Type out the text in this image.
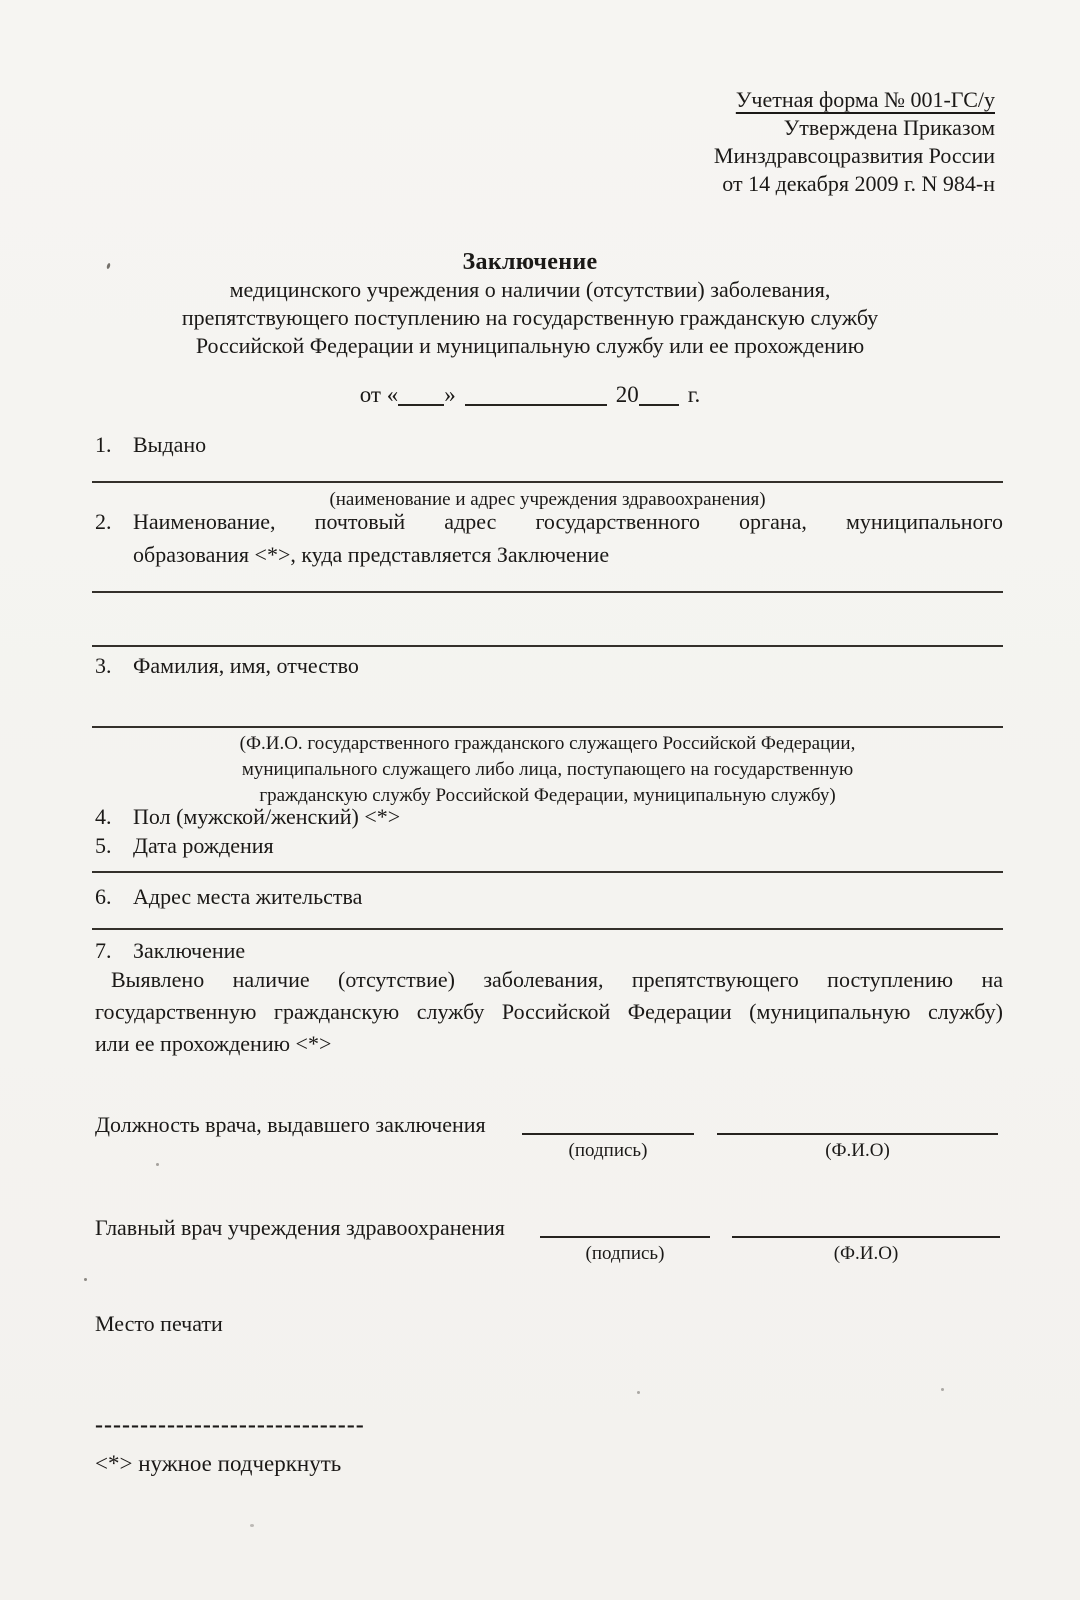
Учетная форма № 001-ГС/у
Утверждена Приказом
Минздравсоцразвития России
от 14 декабря 2009 г. N 984-н
Заключение
медицинского учреждения о наличии (отсутствии) заболевания,
препятствующего поступлению на государственную гражданскую службу
Российской Федерации и муниципальную службу или ее прохождению
от « »	20 г.
1. Выдано
(наименование и адрес учреждения здравоохранения)
2. Наименование, почтовый адрес государственного органа, муниципального
образования <*>, куда представляется Заключение
3. Фамилия, имя, отчество
(Ф.И.О. государственного гражданского служащего Российской Федерации,
муниципального служащего либо лица, поступающего на государственную
гражданскую службу Российской Федерации, муниципальную службу)
4. Пол (мужской/женский) <*>
5. Дата рождения
6. Адрес места жительства
7. Заключение
Выявлено наличие (отсутствие) заболевания, препятствующего поступлению на
государственную гражданскую службу Российской Федерации (муниципальную службу)
или ее прохождению <*>
Должность врача, выдавшего заключения
(подпись)	(Ф.И.О)
Главный врач учреждения здравоохранения
(подпись)	(Ф.И.О)
Место печати
------------------------------
<*> нужное подчеркнуть
